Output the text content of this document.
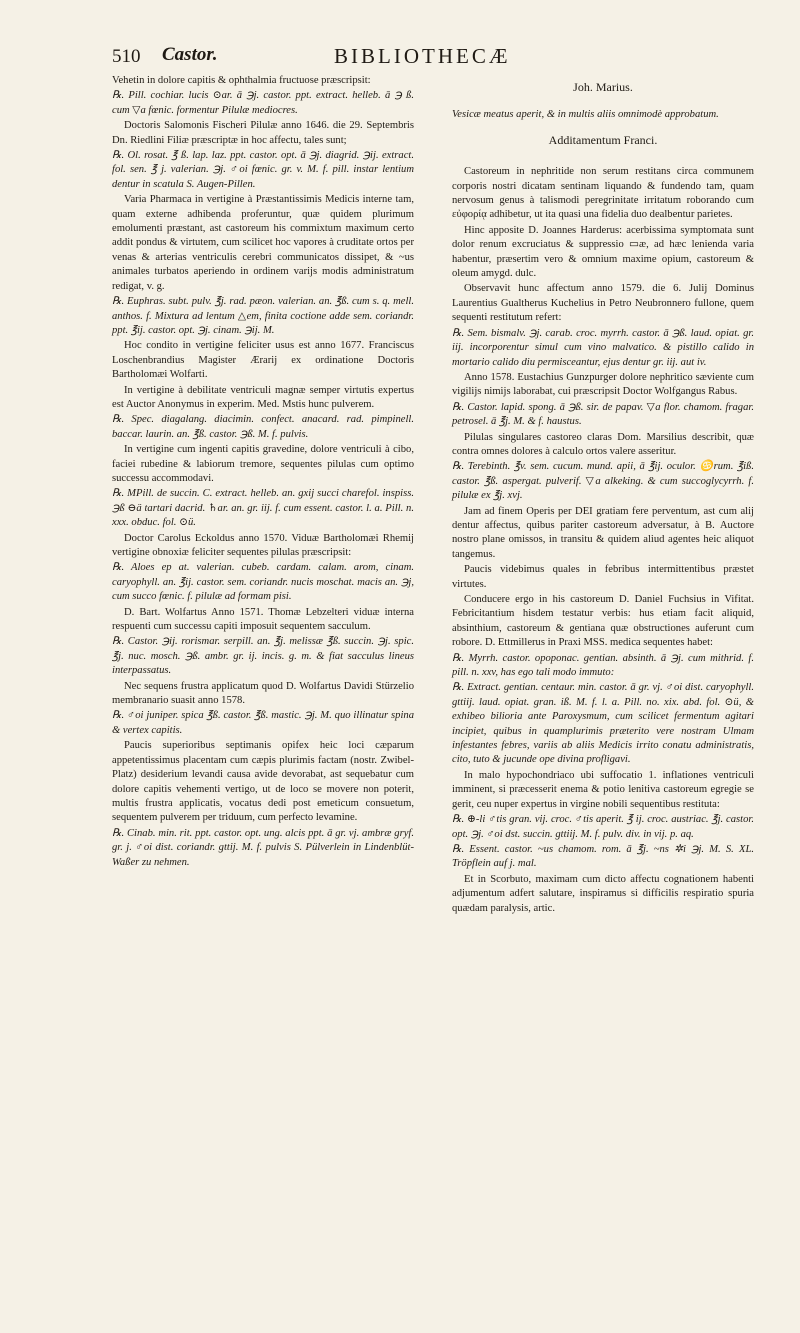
510 Castor.	BIBLIOTHECÆ

Vehetin in dolore capitis & ophthalmia fructuose præscripsit:

℞. Pill. cochiar. lucis ⊙ar. ā ℈j. castor. ppt. extract. helleb. ā ℈ ß. cum ▽a fœnic. formentur Pilulæ mediocres.

Doctoris Salomonis Fischeri Pilulæ anno 1646. die 29. Septembris Dn. Riedlini Filiæ præscriptæ in hoc affectu, tales sunt;

℞. Ol. rosat. ℥ ß. lap. laz. ppt. castor. opt. ā ℈j. diagrid. ℈ij. extract. fol. sen. ℥ j. valerian. ℈j. ♂oi fœnic. gr. v. M. f. pill. instar lentium dentur in scatula S. Augen-Pillen.

Varia Pharmaca in vertigine à Præstantissimis Medicis interne tam, quam externe adhibenda proferuntur, quæ quidem plurimum emolumenti præstant, ast castoreum his commixtum maximum certo addit pondus & virtutem, cum scilicet hoc vapores à cruditate ortos per venas & arterias ventriculis cerebri communicatos dissipet, & ~us animales turbatos aperiendo in ordinem varijs modis administratum redigat, v. g.

℞. Euphras. subt. pulv. ℥j. rad. pæon. valerian. an. ℥ß. cum s. q. mell. anthos. f. Mixtura ad lentum △em, finita coctione adde sem. coriandr. ppt. ℥ij. castor. opt. ℈j. cinam. ℈ij. M.

Hoc condito in vertigine feliciter usus est anno 1677. Franciscus Loschenbrandius Magister Ærarij ex ordinatione Doctoris Bartholomæi Wolfarti.

In vertigine à debilitate ventriculi magnæ semper virtutis expertus est Auctor Anonymus in experim. Med. Mstis hunc pulverem.

℞. Spec. diagalang. diacimin. confect. anacard. rad. pimpinell. baccar. laurin. an. ℥ß. castor. ℈ß. M. f. pulvis.

In vertigine cum ingenti capitis gravedine, dolore ventriculi à cibo, faciei rubedine & labiorum tremore, sequentes pilulas cum optimo successu accommodavi.

℞. MPill. de succin. C. extract. helleb. an. gxij succi charefol. inspiss. ℈ß ⊖ä tartari dacrid. ♄ar. an. gr. iij. f. cum essent. castor. l. a. Pill. n. xxx. obduc. fol. ⊙ü.

Doctor Carolus Eckoldus anno 1570. Viduæ Bartholomæi Rhemij vertigine obnoxiæ feliciter sequentes pilulas præscripsit:

℞. Aloes ep at. valerian. cubeb. cardam. calam. arom, cinam. caryophyll. an. ℥ij. castor. sem. coriandr. nucis moschat. macis an. ℈j, cum succo fœnic. f. pilulæ ad formam pisi.

D. Bart. Wolfartus Anno 1571. Thomæ Lebzelteri viduæ interna respuenti cum successu capiti imposuit sequentem sacculum.

℞. Castor. ℈ij. rorismar. serpill. an. ℥j. melissæ ℥ß. succin. ℈j. spic. ℥j. nuc. mosch. ℈ß. ambr. gr. ij. incis. g. m. & fiat sacculus lineus interpassatus.

Nec sequens frustra applicatum quod D. Wolfartus Davidi Stürzelio membranario suasit anno 1578.

℞. ♂oi juniper. spica ℥ß. castor. ℥ß. mastic. ℈j. M. quo illinatur spina & vertex capitis.

Paucis superioribus septimanis opifex heic loci cæparum appetentissimus placentam cum cæpis plurimis factam (nostr. Zwibel-Platz) desiderium levandi causa avide devorabat, ast sequebatur cum dolore capitis vehementi vertigo, ut de loco se movere non poterit, multis frustra applicatis, vocatus dedi post emeticum consuetum, sequentem pulverem per triduum, cum perfecto levamine.

℞. Cinab. min. rit. ppt. castor. opt. ung. alcis ppt. ā gr. vj. ambræ gryf. gr. j. ♂oi dist. coriandr. gttij. M. f. pulvis S. Pülverlein in Lindenblüt-Waßer zu nehmen.

Joh. Marius.

Vesicæ meatus aperit, & in multis aliis omnimodè approbatum.

Additamentum Franci.

Castoreum in nephritide non serum restitans circa communem corporis nostri dicatam sentinam liquando & fundendo tam, quam nervosum genus à talismodi peregrinitate irritatum roborando cum εὐφορίᾳ adhibetur, ut ita quasi una fidelia duo dealbentur parietes.

Hinc apposite D. Joannes Harderus: acerbissima symptomata sunt dolor renum excruciatus & suppressio ▭æ, ad hæc lenienda varia habentur, præsertim vero & omnium maxime opium, castoreum & oleum amygd. dulc.

Observavit hunc affectum anno 1579. die 6. Julij Dominus Laurentius Gualtherus Kuchelius in Petro Neubronnero fullone, quem sequenti restitutum refert:

℞. Sem. bismalv. ℈j. carab. croc. myrrh. castor. ā ℈ß. laud. opiat. gr. iij. incorporentur simul cum vino malvatico. & pistillo calido in mortario calido diu permisceantur, ejus dentur gr. iij. aut iv.

Anno 1578. Eustachius Gunzpurger dolore nephritico sæviente cum vigilijs nimijs laborabat, cui præscripsit Doctor Wolfgangus Rabus.

℞. Castor. lapid. spong. ā ℈ß. sir. de papav. ▽a flor. chamom. fragar. petrosel. ā ℥j. M. & f. haustus.

Pilulas singulares castoreo claras Dom. Marsilius describit, quæ contra omnes dolores à calculo ortos valere asseritur.

℞. Terebinth. ℥v. sem. cucum. mund. apii, ā ℥ij. oculor. ♋rum. ℥iß. castor. ℥ß. aspergat. pulverif. ▽a alkeking. & cum succoglycyrrh. f. pilulæ ex ℥j. xvj.

Jam ad finem Operis per DEI gratiam fere perventum, ast cum alij dentur affectus, quibus pariter castoreum adversatur, à B. Auctore nostro plane omissos, in transitu & quidem aliud agentes heic aliquot tangemus.

Paucis videbimus quales in febribus intermittentibus præstet virtutes.

Conducere ergo in his castoreum D. Daniel Fuchsius in Vifitat. Febricitantium hisdem testatur verbis: hus etiam facit aliquid, absinthium, castoreum & gentiana quæ obstructiones auferunt cum robore. D. Ettmillerus in Praxi MSS. medica sequentes habet:

℞. Myrrh. castor. opoponac. gentian. absinth. ā ℈j. cum mithrid. f. pill. n. xxv, has ego tali modo immuto:

℞. Extract. gentian. centaur. min. castor. ā gr. vj. ♂oi dist. caryophyll. gttiij. laud. opiat. gran. iß. M. f. l. a. Pill. no. xix. abd. fol. ⊙ü, & exhibeo bilioria ante Paroxysmum, cum scilicet fermentum agitari incipiet, quibus in quamplurimis præterito vere nostram Ulmam infestantes febres, variis ab aliis Medicis irrito conatu administratis, cito, tuto & jucunde ope divina profligavi.

In malo hypochondriaco ubi suffocatio 1. inflationes ventriculi imminent, si præcesserit enema & potio lenitiva castoreum egregie se gerit, ceu nuper expertus in virgine nobili sequentibus restituta:

℞. ⊕-li ♂tis gran. vij. croc. ♂tis aperit. ℥ ij. croc. austriac. ℥j. castor. opt. ℈j. ♂oi dst. succin. gttiij. M. f. pulv. div. in vij. p. aq.

℞. Essent. castor. ~us chamom. rom. ā ℥j. ~ns ✲i ℈j. M. S. XL. Tröpflein auf j. mal.

Et in Scorbuto, maximam cum dicto affectu cognationem habenti adjumentum adfert salutare, inspiramus si difficilis respiratio spuria quædam paralysis, artic.
